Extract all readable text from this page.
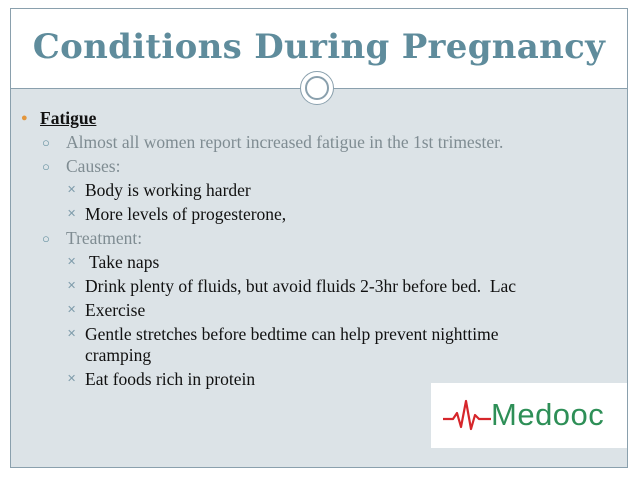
Conditions During Pregnancy
● Fatigue
○ Almost all women report increased fatigue in the 1st trimester.
○ Causes:
✕ Body is working harder
✕ More levels of progesterone,
○ Treatment:
✕ Take naps
✕ Drink plenty of fluids, but avoid fluids 2-3hr before bed.  Lac
✕ Exercise
✕ Gentle stretches before bedtime can help prevent nighttime cramping
✕ Eat foods rich in protein
Medooc
